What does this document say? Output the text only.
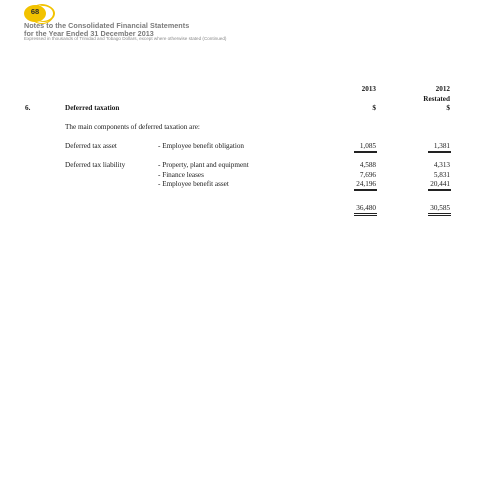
68
Notes to the Consolidated Financial Statements
for the Year Ended 31 December 2013
Expressed in thousands of Trinidad and Tobago Dollars, except where otherwise stated (Continued)
2013	2012
Restated
$	$
6.	Deferred taxation
The main components of deferred taxation are:
Deferred tax asset	- Employee benefit obligation	1,085	1,381
Deferred tax liability	- Property, plant and equipment	4,588	4,313
- Finance leases	7,696	5,831
- Employee benefit asset	24,196	20,441
36,480	30,585
